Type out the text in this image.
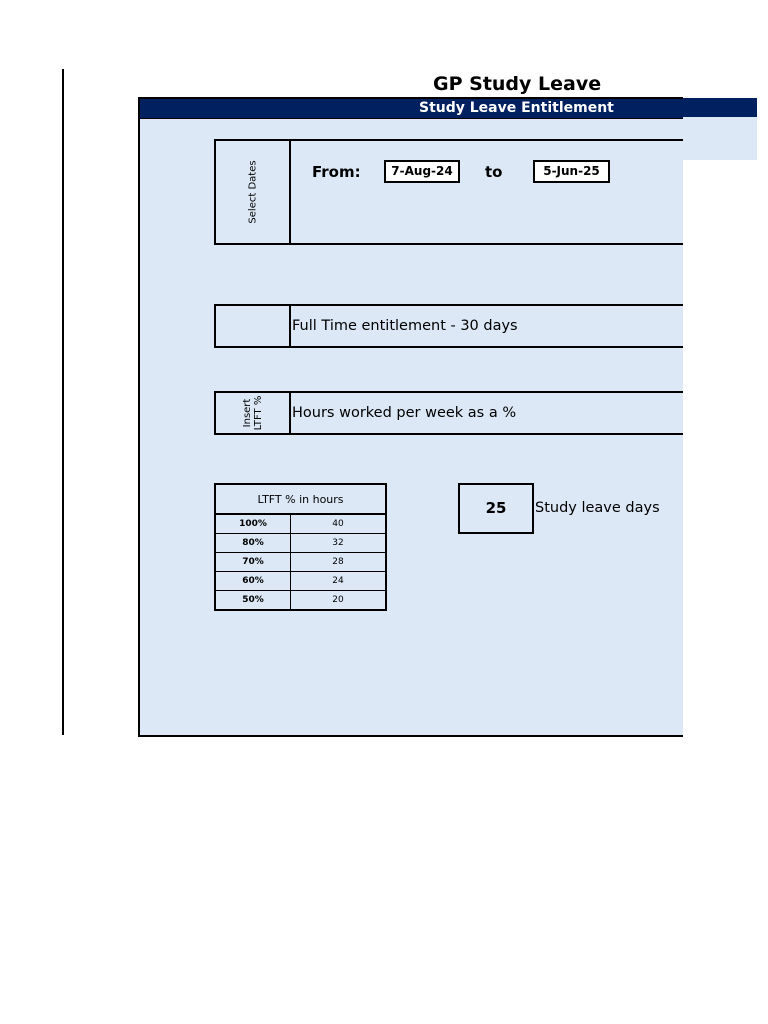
GP Study Leave
Study Leave Entitlement
Select Dates	From:	7-Aug-24	to	5-Jun-25
Full Time entitlement - 30 days
Insert LTFT % Hours worked per week as a %
LTFT % in hours	
100%	40
80%	32
70%	28
60%	24
50%	20
25	Study leave days
